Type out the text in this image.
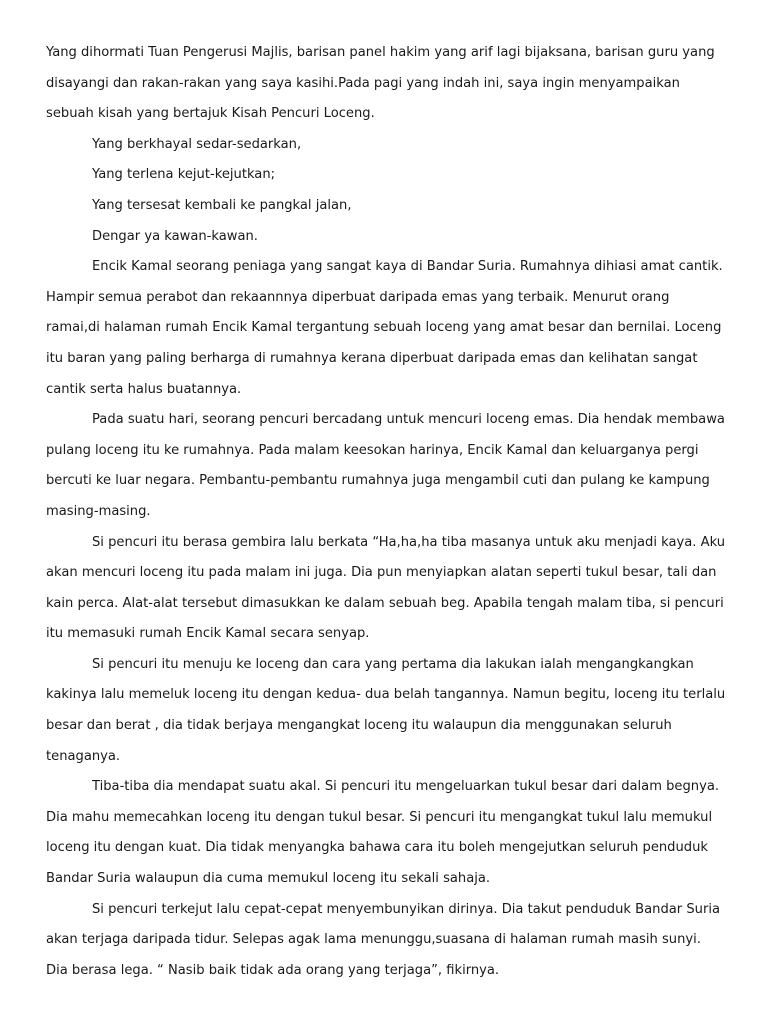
Yang dihormati Tuan Pengerusi Majlis, barisan panel hakim yang arif lagi bijaksana, barisan guru yang disayangi dan rakan-rakan yang saya kasihi.Pada pagi yang indah ini, saya ingin menyampaikan sebuah kisah yang bertajuk Kisah Pencuri Loceng.

Yang berkhayal sedar-sedarkan,

Yang terlena kejut-kejutkan;

Yang tersesat kembali ke pangkal jalan,

Dengar ya kawan-kawan.

Encik Kamal seorang peniaga yang sangat kaya di Bandar Suria. Rumahnya dihiasi amat cantik. Hampir semua perabot dan rekaannnya diperbuat daripada emas yang terbaik. Menurut orang ramai,di halaman rumah Encik Kamal tergantung sebuah loceng yang amat besar dan bernilai. Loceng itu baran yang paling berharga di rumahnya kerana diperbuat daripada emas dan kelihatan sangat cantik serta halus buatannya.

Pada suatu hari, seorang pencuri bercadang untuk mencuri loceng emas. Dia hendak membawa pulang loceng itu ke rumahnya. Pada malam keesokan harinya, Encik Kamal dan keluarganya pergi bercuti ke luar negara. Pembantu-pembantu rumahnya juga mengambil cuti dan pulang ke kampung masing-masing.

Si pencuri itu berasa gembira lalu berkata “Ha,ha,ha tiba masanya untuk aku menjadi kaya. Aku akan mencuri loceng itu pada malam ini juga. Dia pun menyiapkan alatan seperti tukul besar, tali dan kain perca. Alat-alat tersebut dimasukkan ke dalam sebuah beg. Apabila tengah malam tiba, si pencuri itu memasuki rumah Encik Kamal secara senyap.

Si pencuri itu menuju ke loceng dan cara yang pertama dia lakukan ialah mengangkangkan kakinya lalu memeluk loceng itu dengan kedua- dua belah tangannya. Namun begitu, loceng itu terlalu besar dan berat , dia tidak berjaya mengangkat loceng itu walaupun dia menggunakan seluruh tenaganya.

Tiba-tiba dia mendapat suatu akal. Si pencuri itu mengeluarkan tukul besar dari dalam begnya. Dia mahu memecahkan loceng itu dengan tukul besar. Si pencuri itu mengangkat tukul lalu memukul loceng itu dengan kuat. Dia tidak menyangka bahawa cara itu boleh mengejutkan seluruh penduduk Bandar Suria walaupun dia cuma memukul loceng itu sekali sahaja.

Si pencuri terkejut lalu cepat-cepat menyembunyikan dirinya. Dia takut penduduk Bandar Suria akan terjaga daripada tidur. Selepas agak lama menunggu,suasana di halaman rumah masih sunyi. Dia berasa lega. “ Nasib baik tidak ada orang yang terjaga”, fikirnya.
